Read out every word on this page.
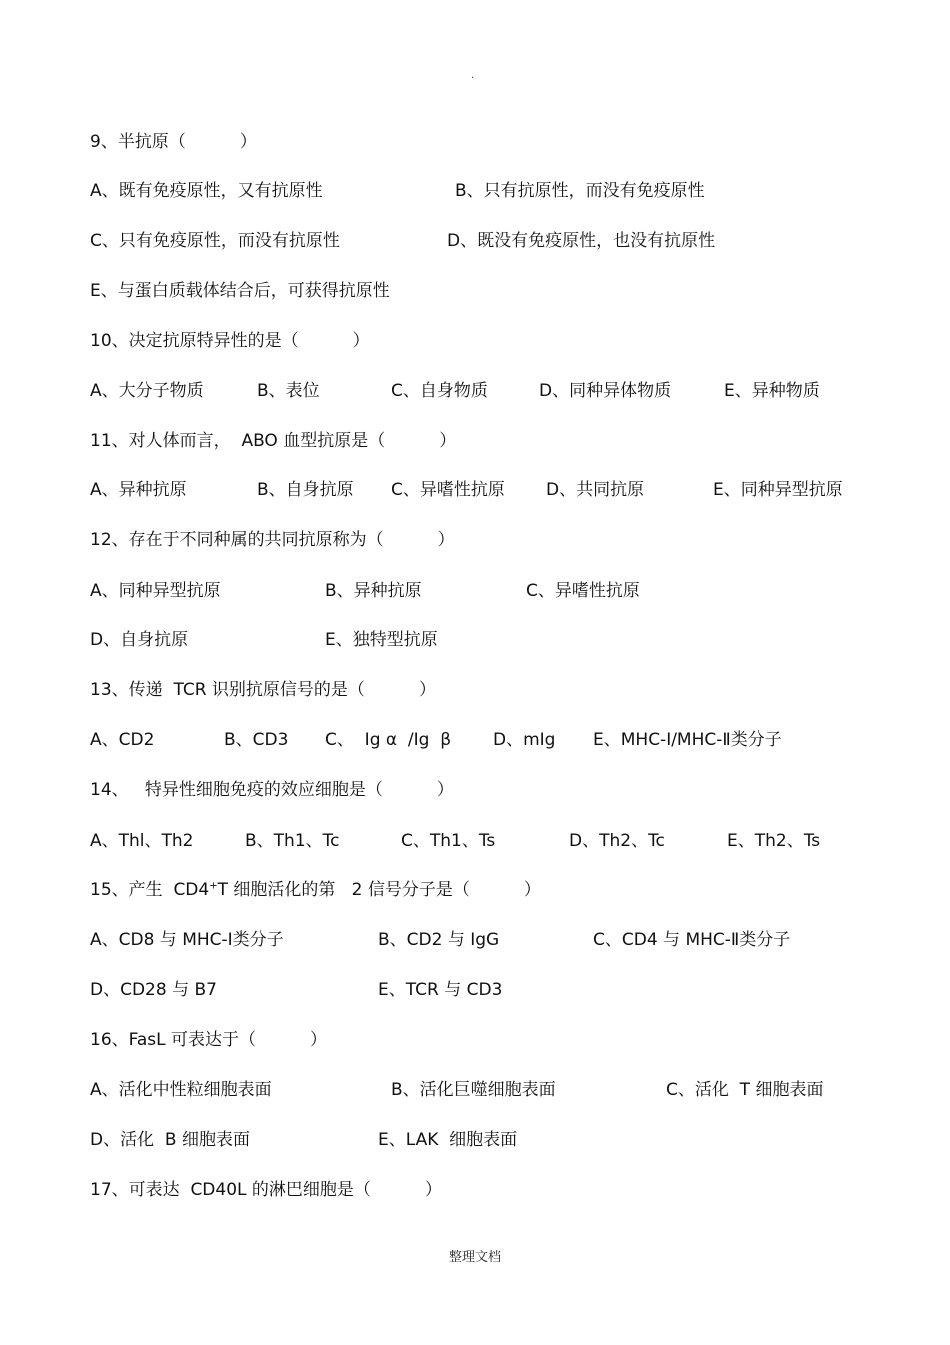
.
9、半抗原（          ）

A、既有免疫原性，又有抗原性

	B、只有抗原性，而没有免疫原性

C、只有免疫原性，而没有抗原性

	D、既没有免疫原性，也没有抗原性

E、与蛋白质载体结合后，可获得抗原性
10、决定抗原特异性的是（          ）

A、大分子物质

	B、表位

	C、自身物质

	D、同种异体物质

	E、异种物质

11、对人体而言，  ABO 血型抗原是（          ）

A、异种抗原

	B、自身抗原

C、异嗜性抗原

D、共同抗原

	E、同种异型抗原

12、存在于不同种属的共同抗原称为（          ）

A、同种异型抗原

	B、异种抗原

	C、异嗜性抗原

D、自身抗原

	E、独特型抗原

13、传递  TCR 识别抗原信号的是（          ）

A、CD2

	B、CD3

C、  Ig α  /Ig  β

D、mIg

E、MHC-Ⅰ/MHC-Ⅱ类分子

14、   特异性细胞免疫的效应细胞是（          ）

A、Thl、Th2

	B、Th1、Tc

	C、Th1、Ts

	D、Th2、Tc

	E、Th2、Ts

15、产生  CD4+T 细胞活化的第   2 信号分子是（          ）

A、CD8 与 MHC-Ⅰ类分子

	B、CD2 与 IgG

	C、CD4 与 MHC-Ⅱ类分子

D、CD28 与 B7

	E、TCR 与 CD3

16、FasL 可表达于（          ）

A、活化中性粒细胞表面

	B、活化巨噬细胞表面

	C、活化  T 细胞表面

D、活化  B 细胞表面

	E、LAK  细胞表面

17、可表达  CD40L 的淋巴细胞是（          ）
整理文档
